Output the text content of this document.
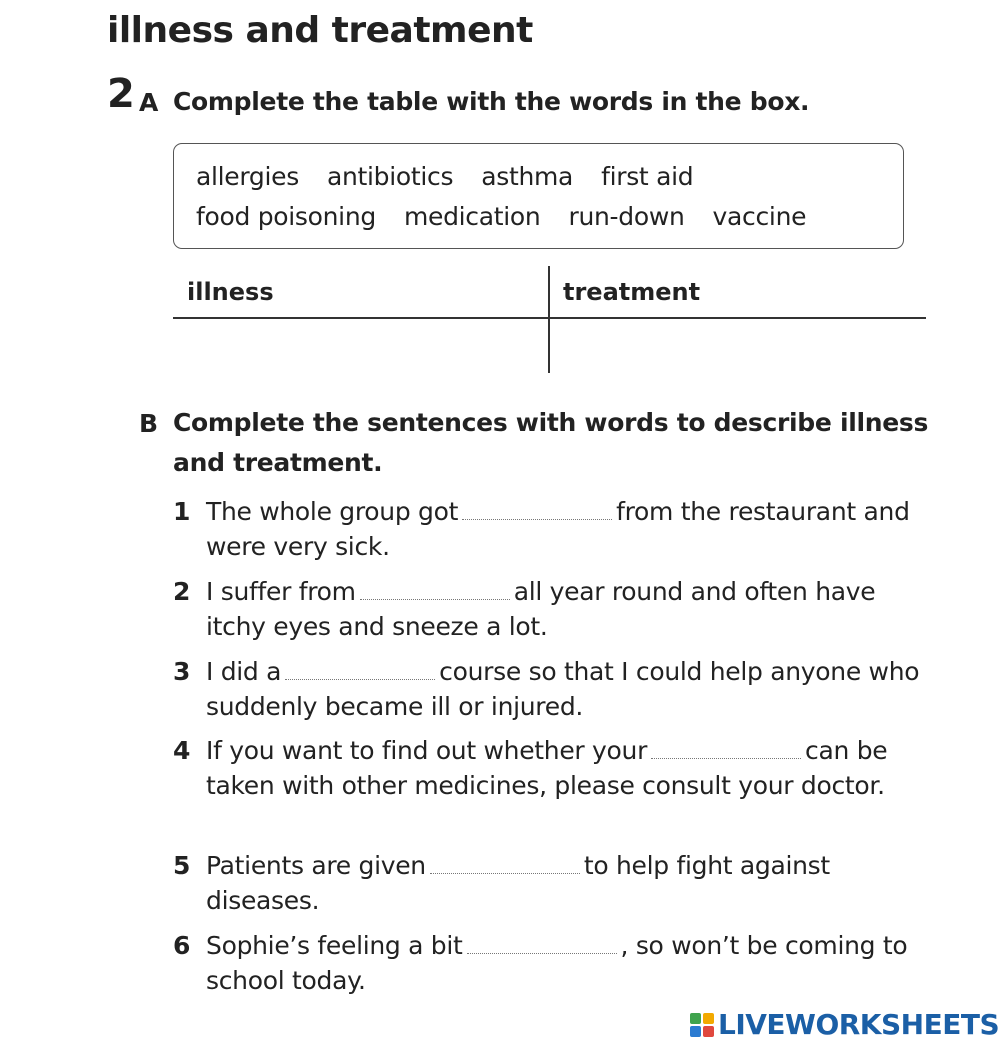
illness and treatment
2 A Complete the table with the words in the box.
allergies antibiotics asthma first aid
food poisoning medication run-down vaccine
illness	treatment
B Complete the sentences with words to describe illness and treatment.
1 The whole group got	from the restaurant and were very sick.
2 I suffer from	all year round and often have itchy eyes and sneeze a lot.
3 I did a	course so that I could help anyone who suddenly became ill or injured.
4 If you want to find out whether your	can be taken with other medicines, please consult your doctor.
5 Patients are given	to help fight against diseases.
6 Sophie’s feeling a bit	, so won’t be coming to school today.
LIVEWORKSHEETS
